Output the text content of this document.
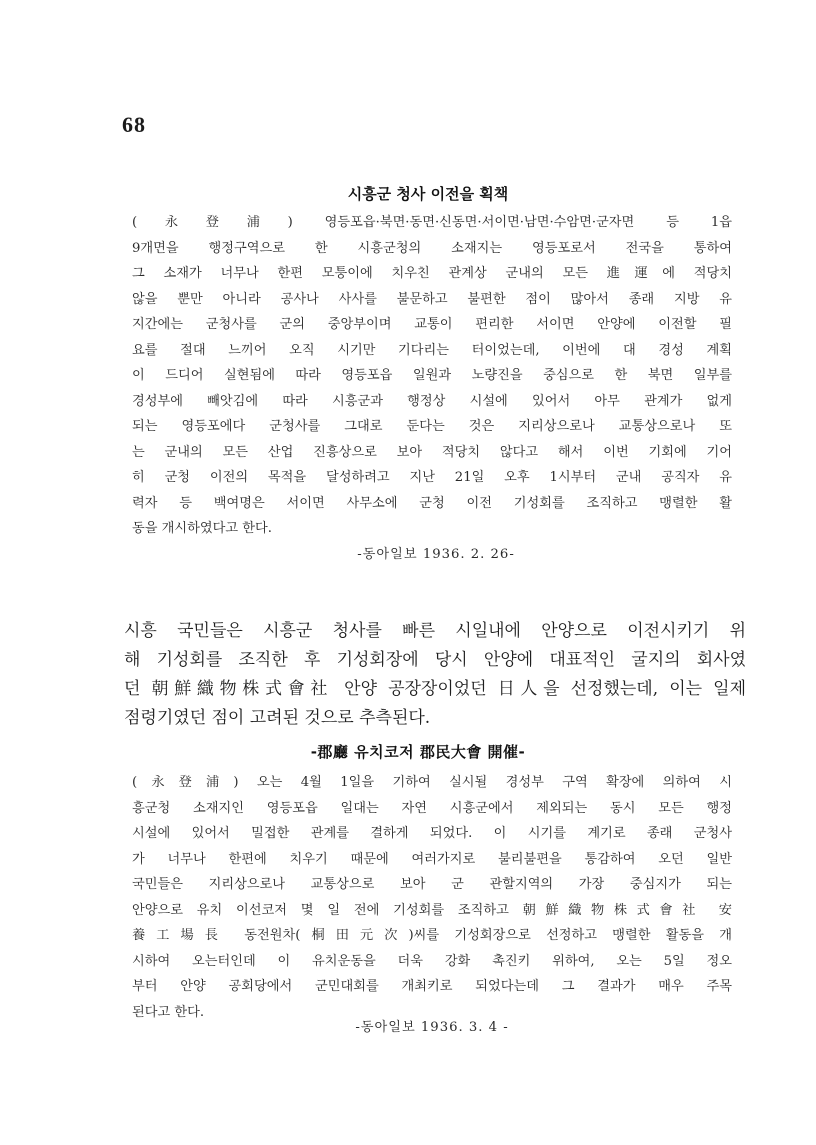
68
시흥군 청사 이전을 획책
(永登浦) 영등포읍·북면·동면·신동면·서이면·남면·수암면·군자면 등 1읍
9개면을 행정구역으로 한 시흥군청의 소재지는 영등포로서 전국을 통하여
그 소재가 너무나 한편 모퉁이에 치우친 관계상 군내의 모든 進運에 적당치
않을 뿐만 아니라 공사나 사사를 불문하고 불편한 점이 많아서 종래 지방 유
지간에는 군청사를 군의 중앙부이며 교통이 편리한 서이면 안양에 이전할 필
요를 절대 느끼어 오직 시기만 기다리는 터이었는데, 이번에 대 경성 계획
이 드디어 실현됨에 따라 영등포읍 일원과 노량진을 중심으로 한 북면 일부를
경성부에 빼앗김에 따라 시흥군과 행정상 시설에 있어서 아무 관계가 없게
되는 영등포에다 군청사를 그대로 둔다는 것은 지리상으로나 교통상으로나 또
는 군내의 모든 산업 진흥상으로 보아 적당치 않다고 해서 이번 기회에 기어
히 군청 이전의 목적을 달성하려고 지난 21일 오후 1시부터 군내 공직자 유
력자 등 백여명은 서이면 사무소에 군청 이전 기성회를 조직하고 맹렬한 활
동을 개시하였다고 한다.
-동아일보 1936. 2. 26-
시흥 국민들은 시흥군 청사를 빠른 시일내에 안양으로 이전시키기 위
해 기성회를 조직한 후 기성회장에 당시 안양에 대표적인 굴지의 회사였
던 朝鮮織物株式會社 안양 공장장이었던 日人을 선정했는데, 이는 일제
점령기였던 점이 고려된 것으로 추측된다.
-郡廳 유치코저 郡民大會 開催-
(永登浦) 오는 4월 1일을 기하여 실시될 경성부 구역 확장에 의하여 시
흥군청 소재지인 영등포읍 일대는 자연 시흥군에서 제외되는 동시 모든 행정
시설에 있어서 밀접한 관계를 결하게 되었다. 이 시기를 계기로 종래 군청사
가 너무나 한편에 치우기 때문에 여러가지로 불리불편을 통감하여 오던 일반
국민들은 지리상으로나 교통상으로 보아 군 관할지역의 가장 중심지가 되는
안양으로 유치 이선코저 몇 일 전에 기성회를 조직하고 朝鮮織物株式會社 安
養工場長 동전원차(桐田元次)씨를 기성회장으로 선정하고 맹렬한 활동을 개
시하여 오는터인데 이 유치운동을 더욱 강화 촉진키 위하여, 오는 5일 정오
부터 안양 공회당에서 군민대회를 개최키로 되었다는데 그 결과가 매우 주목
된다고 한다.
-동아일보 1936. 3. 4 -
